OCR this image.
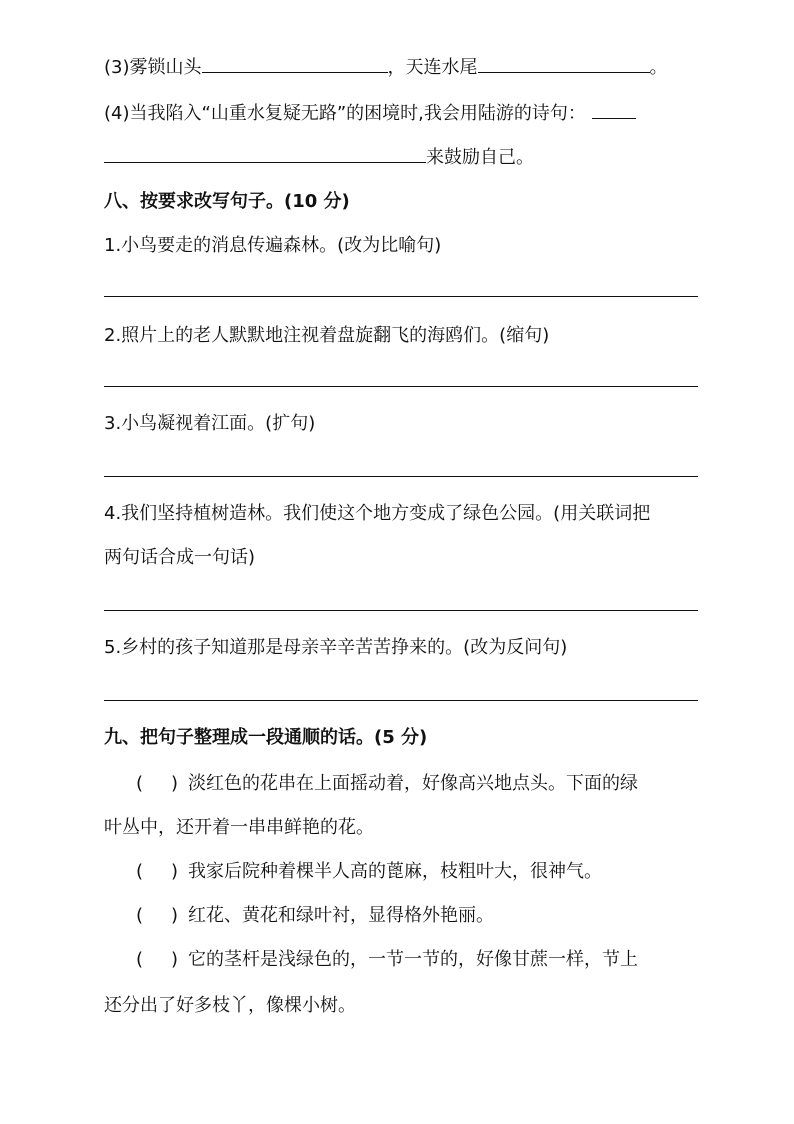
(3)雾锁山头	，天连水尾	。
(4)当我陷入“山重水复疑无路”的困境时,我会用陆游的诗句：
来鼓励自己。
八、按要求改写句子。(10 分)
1.小鸟要走的消息传遍森林。(改为比喻句)
2.照片上的老人默默地注视着盘旋翻飞的海鸥们。(缩句)
3.小鸟凝视着江面。(扩句)
4.我们坚持植树造林。我们使这个地方变成了绿色公园。(用关联词把
两句话合成一句话)
5.乡村的孩子知道那是母亲辛辛苦苦挣来的。(改为反问句)
九、把句子整理成一段通顺的话。(5 分)
( ) 淡红色的花串在上面摇动着，好像高兴地点头。下面的绿
叶丛中，还开着一串串鲜艳的花。
( ) 我家后院种着棵半人高的蓖麻，枝粗叶大，很神气。
( ) 红花、黄花和绿叶衬，显得格外艳丽。
( ) 它的茎杆是浅绿色的，一节一节的，好像甘蔗一样，节上
还分出了好多枝丫，像棵小树。
